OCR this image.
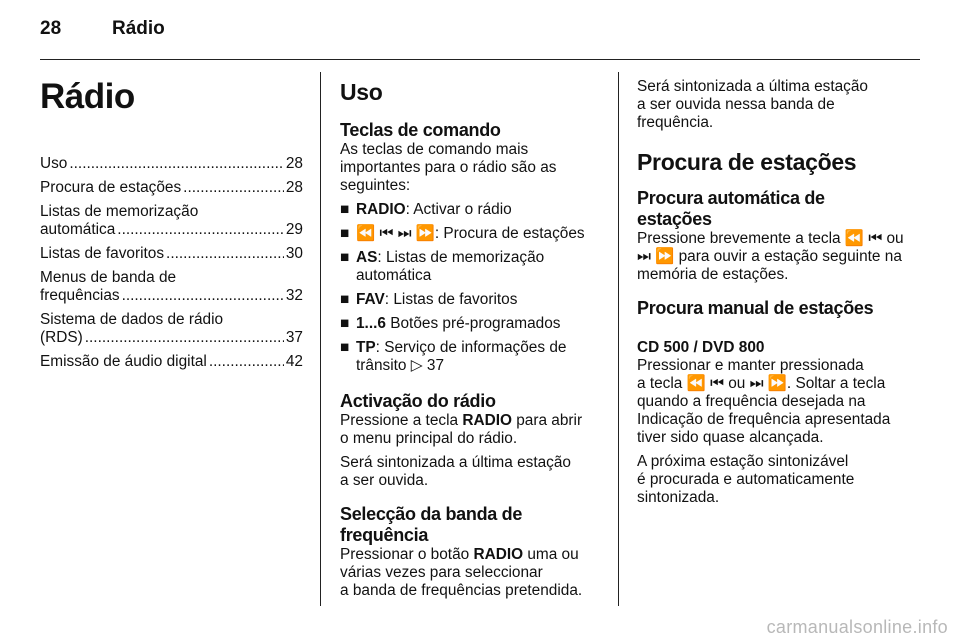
28	Rádio
Rádio
Uso .....	28
Procura de estações .....	28
Listas de memorização
automática .....	29
Listas de favoritos .....	30
Menus de banda de
frequências .....	32
Sistema de dados de rádio
(RDS) .....	37
Emissão de áudio digital .....	42
Uso
Teclas de comando

As teclas de comando mais
importantes para o rádio são as
seguintes:

■ RADIO: Activar o rádio
■ ⏪ ⏮ ⏭ ⏩: Procura de estações
■ AS: Listas de memorização
automática
■ FAV: Listas de favoritos
■ 1...6 Botões pré-programados
■ TP: Serviço de informações de
trânsito ▷ 37
Activação do rádio

Pressione a tecla RADIO para abrir
o menu principal do rádio.

Será sintonizada a última estação
a ser ouvida.

Selecção da banda de
frequência

Pressionar o botão RADIO uma ou
várias vezes para seleccionar
a banda de frequências pretendida.

Será sintonizada a última estação
a ser ouvida nessa banda de
frequência.

Procura de estações
Procura automática de
estações

Pressione brevemente a tecla ⏪ ⏮ ou
⏭ ⏩ para ouvir a estação seguinte na
memória de estações.

Procura manual de estações
CD 500 / DVD 800

Pressionar e manter pressionada
a tecla ⏪ ⏮ ou ⏭ ⏩. Soltar a tecla
quando a frequência desejada na
Indicação de frequência apresentada
tiver sido quase alcançada.

A próxima estação sintonizável
é procurada e automaticamente
sintonizada.

carmanualsonline.info
